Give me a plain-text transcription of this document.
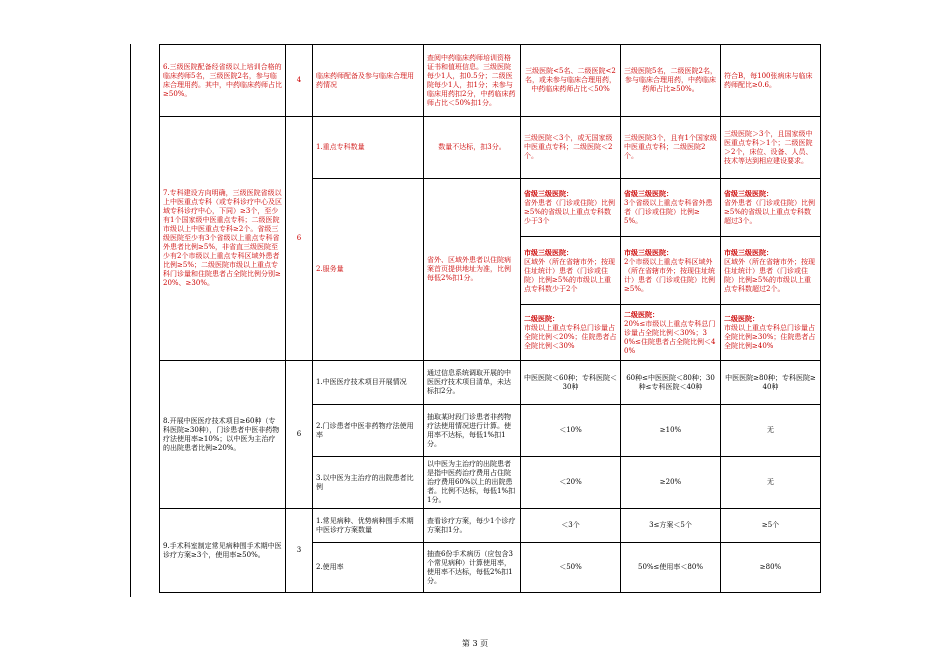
6.三级医院配备经省级以上培训合格的临床药师5名，三级医院2名，参与临床合理用药。其中，中药临床药师占比≥50%。	4	临床药师配备及参与临床合理用药情况	查阅中药临床药师培训资格证书和值班信息。三级医院每少1人，扣0.5分；二级医院每少1人，扣1分；未参与临床用药扣2分，中药临床药师占比＜50%扣1分。	三级医院<5名、二级医院<2名，或未参与临床合理用药，中药临床药师占比＜50%	三级医院5名，二级医院2名，参与临床合理用药，中药临床药师占比≥50%。	符合B，每100张病床与临床药师配比≥0.6。
7.专科建设方向明确，三级医院省级以上中医重点专科（或专科诊疗中心及区域专科诊疗中心，下同）≥3个，至少有1个国家级中医重点专科；二级医院市级以上中医重点专科≥2个。省级三级医院至少有3个省级以上重点专科省外患者比例≥5%，非省直三级医院至少有2个市级以上重点专科区域外患者比例≥5%；二级医院市级以上重点专科门诊量和住院患者占全院比例分别≥20%、≥30%。	6	1.重点专科数量	数量不达标，扣3分。	三级医院＜3个，或无国家级中医重点专科；二级医院＜2个。	三级医院3个，且有1个国家级中医重点专科；二级医院2个。	三级医院＞3个，且国家级中医重点专科＞1个；二级医院＞2个，床位、设备、人员、技术等达到相应建设要求。
		2.服务量	省外、区域外患者以住院病案首页提供地址为准，比例每低2%扣1分。	省级三级医院：
省外患者（门诊或住院）比例≥5%的省级以上重点专科数少于3个	省级三级医院：
3个省级以上重点专科省外患者（门诊或住院）比例≥5%。	省级三级医院：
省外患者（门诊或住院）比例≥5%的省级以上重点专科数超过3个。
				市级三级医院：
区域外（所在省辖市外；按现住址统计）患者（门诊或住院）比例≥5%的市级以上重点专科数少于2个	市级三级医院：
2个市级以上重点专科区域外（所在省辖市外；按现住址统计）患者（门诊或住院）比例≥5%。	市级三级医院：
区域外（所在省辖市外；按现住址统计）患者（门诊或住院）比例≥5%的市级以上重点专科数超过2个。
				二级医院：
市级以上重点专科总门诊量占全院比例＜20%；住院患者占全院比例＜30%	二级医院：
20%≤市级以上重点专科总门诊量占全院比例＜30%；30%≤住院患者占全院比例＜40%	二级医院：
市级以上重点专科总门诊量占全院比例≥30%；住院患者占全院比例≥40%
8.开展中医医疗技术项目≥60种（专科医院≥30种），门诊患者中医非药物疗法使用率≥10%；以中医为主治疗的出院患者比例≥20%。	6	1.中医医疗技术项目开展情况	通过信息系统调取开展的中医医疗技术项目清单，未达标扣2分。	中医医院＜60种；专科医院＜30种	60种≤中医医院＜80种；30种≤专科医院＜40种	中医医院≥80种；专科医院≥40种
		2.门诊患者中医非药物疗法使用率	抽取某时段门诊患者非药物疗法使用情况进行计算。使用率不达标，每低1%扣1分。	＜10%	≥10%	无
		3.以中医为主治疗的出院患者比例	以中医为主治疗的出院患者是指中医药治疗费用占住院治疗费用60%以上的出院患者。比例不达标，每低1%扣1分。	＜20%	≥20%	无
9.手术科室制定常见病种围手术期中医诊疗方案≥3个，使用率≥50%。	3	1.常见病种、优势病种围手术期中医诊疗方案数量	查看诊疗方案，每少1个诊疗方案扣1分。	＜3个	3≤方案＜5个	≥5个
		2.使用率	抽查6份手术病历（应包含3个常见病种）计算使用率，使用率不达标，每低2%扣1分。	＜50%	50%≤使用率＜80%	≥80%
第 3 页
